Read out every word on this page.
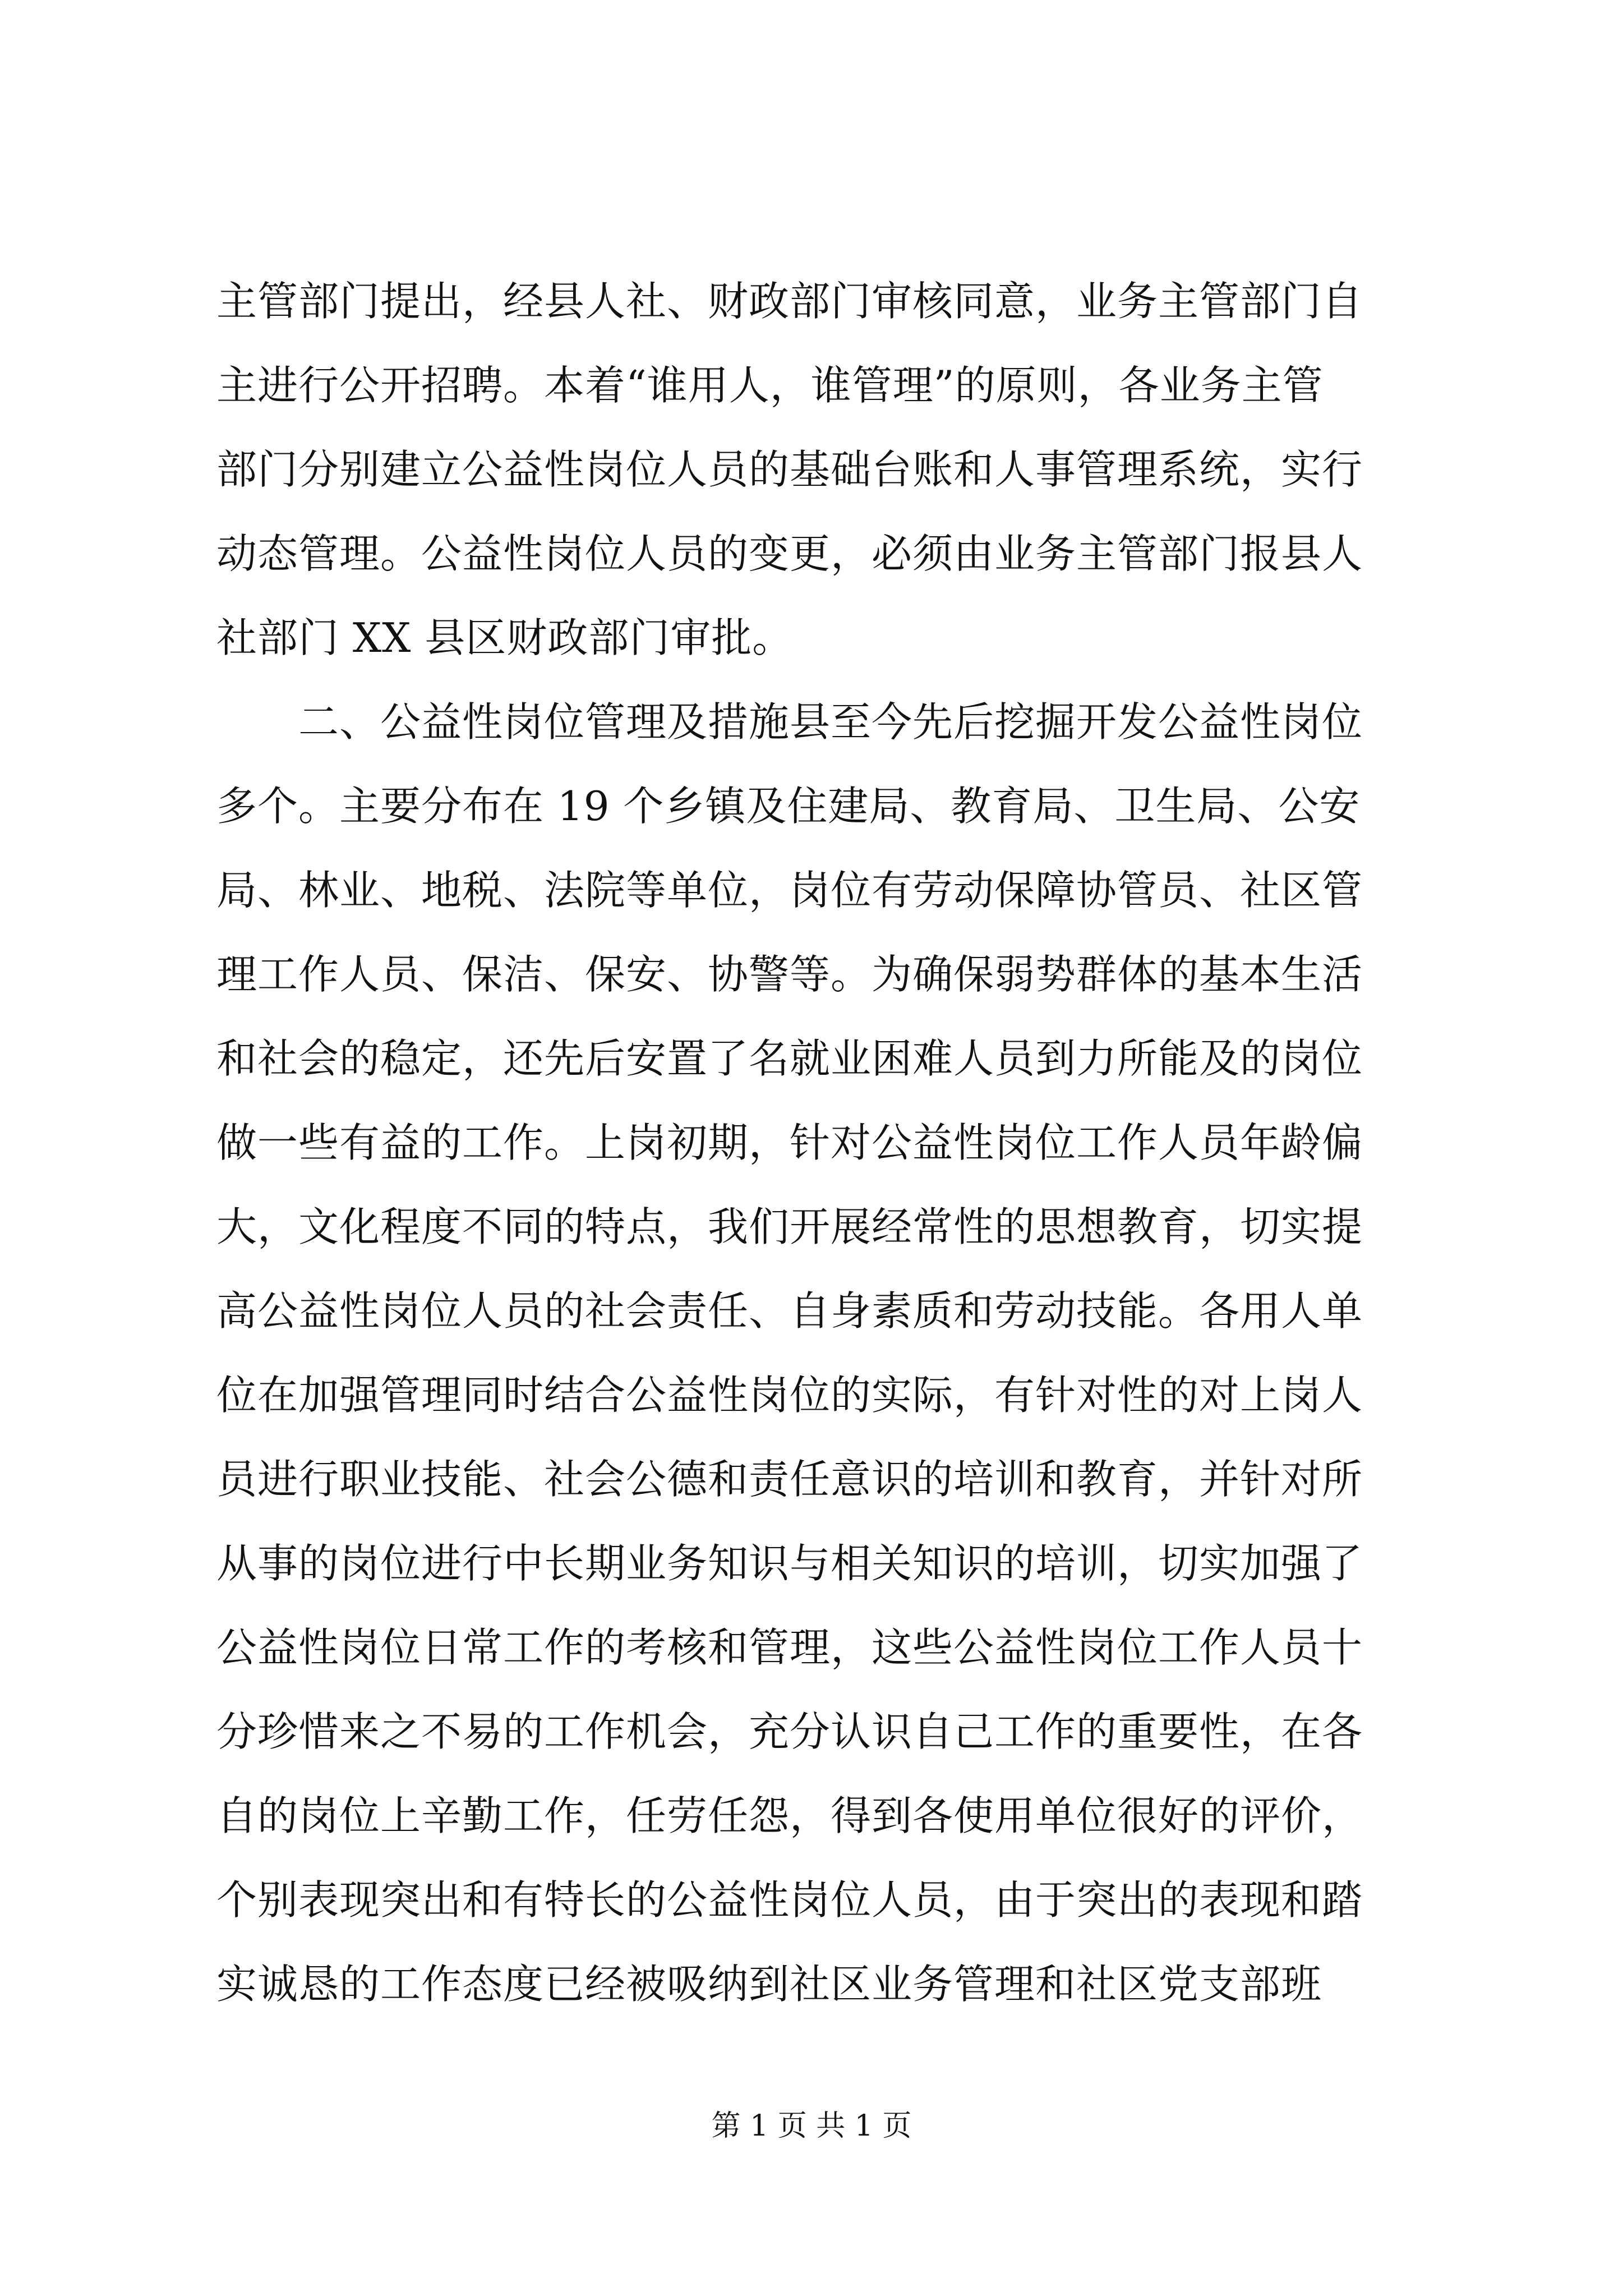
主管部门提出，经县人社、财政部门审核同意，业务主管部门自
主进行公开招聘。本着“谁用人，谁管理”的原则，各业务主管
部门分别建立公益性岗位人员的基础台账和人事管理系统，实行
动态管理。公益性岗位人员的变更，必须由业务主管部门报县人
社部门 XX 县区财政部门审批。
　　二、公益性岗位管理及措施县至今先后挖掘开发公益性岗位
多个。主要分布在 19 个乡镇及住建局、教育局、卫生局、公安
局、林业、地税、法院等单位，岗位有劳动保障协管员、社区管
理工作人员、保洁、保安、协警等。为确保弱势群体的基本生活
和社会的稳定，还先后安置了名就业困难人员到力所能及的岗位
做一些有益的工作。上岗初期，针对公益性岗位工作人员年龄偏
大，文化程度不同的特点，我们开展经常性的思想教育，切实提
高公益性岗位人员的社会责任、自身素质和劳动技能。各用人单
位在加强管理同时结合公益性岗位的实际，有针对性的对上岗人
员进行职业技能、社会公德和责任意识的培训和教育，并针对所
从事的岗位进行中长期业务知识与相关知识的培训，切实加强了
公益性岗位日常工作的考核和管理，这些公益性岗位工作人员十
分珍惜来之不易的工作机会，充分认识自己工作的重要性，在各
自的岗位上辛勤工作，任劳任怨，得到各使用单位很好的评价，
个别表现突出和有特长的公益性岗位人员，由于突出的表现和踏
实诚恳的工作态度已经被吸纳到社区业务管理和社区党支部班
第 1 页 共 1 页
